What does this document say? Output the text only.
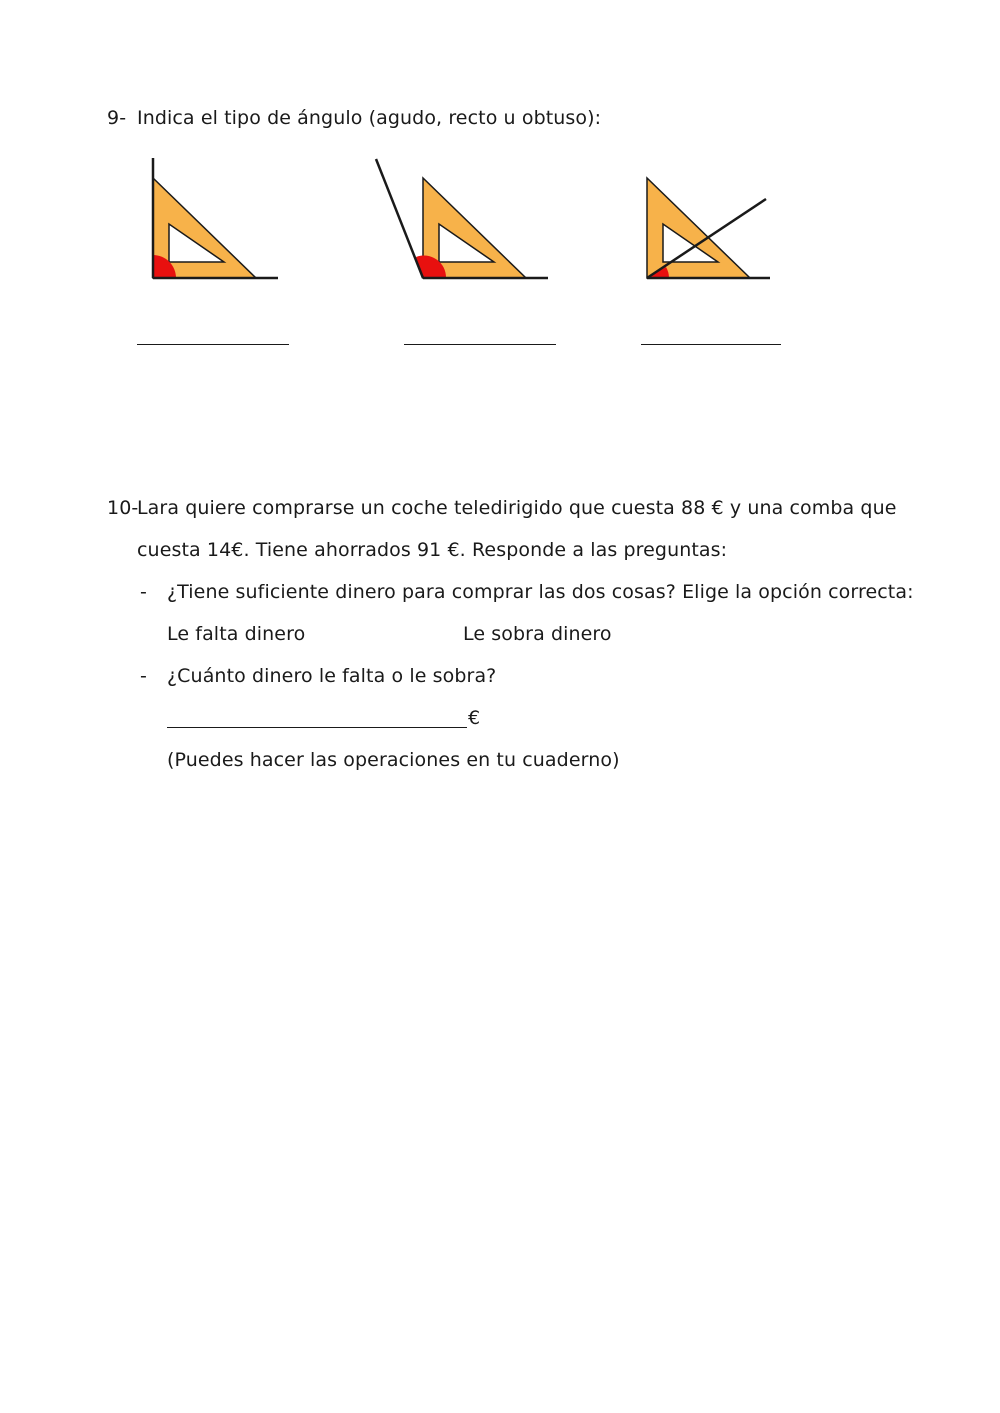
9- Indica el tipo de ángulo (agudo, recto u obtuso):
10-
Lara quiere comprarse un coche teledirigido que cuesta 88 € y una comba que
cuesta 14€. Tiene ahorrados 91 €. Responde a las preguntas:
- ¿Tiene suficiente dinero para comprar las dos cosas? Elige la opción correcta:
Le falta dinero	Le sobra dinero
- ¿Cuánto dinero le falta o le sobra?
€
(Puedes hacer las operaciones en tu cuaderno)
